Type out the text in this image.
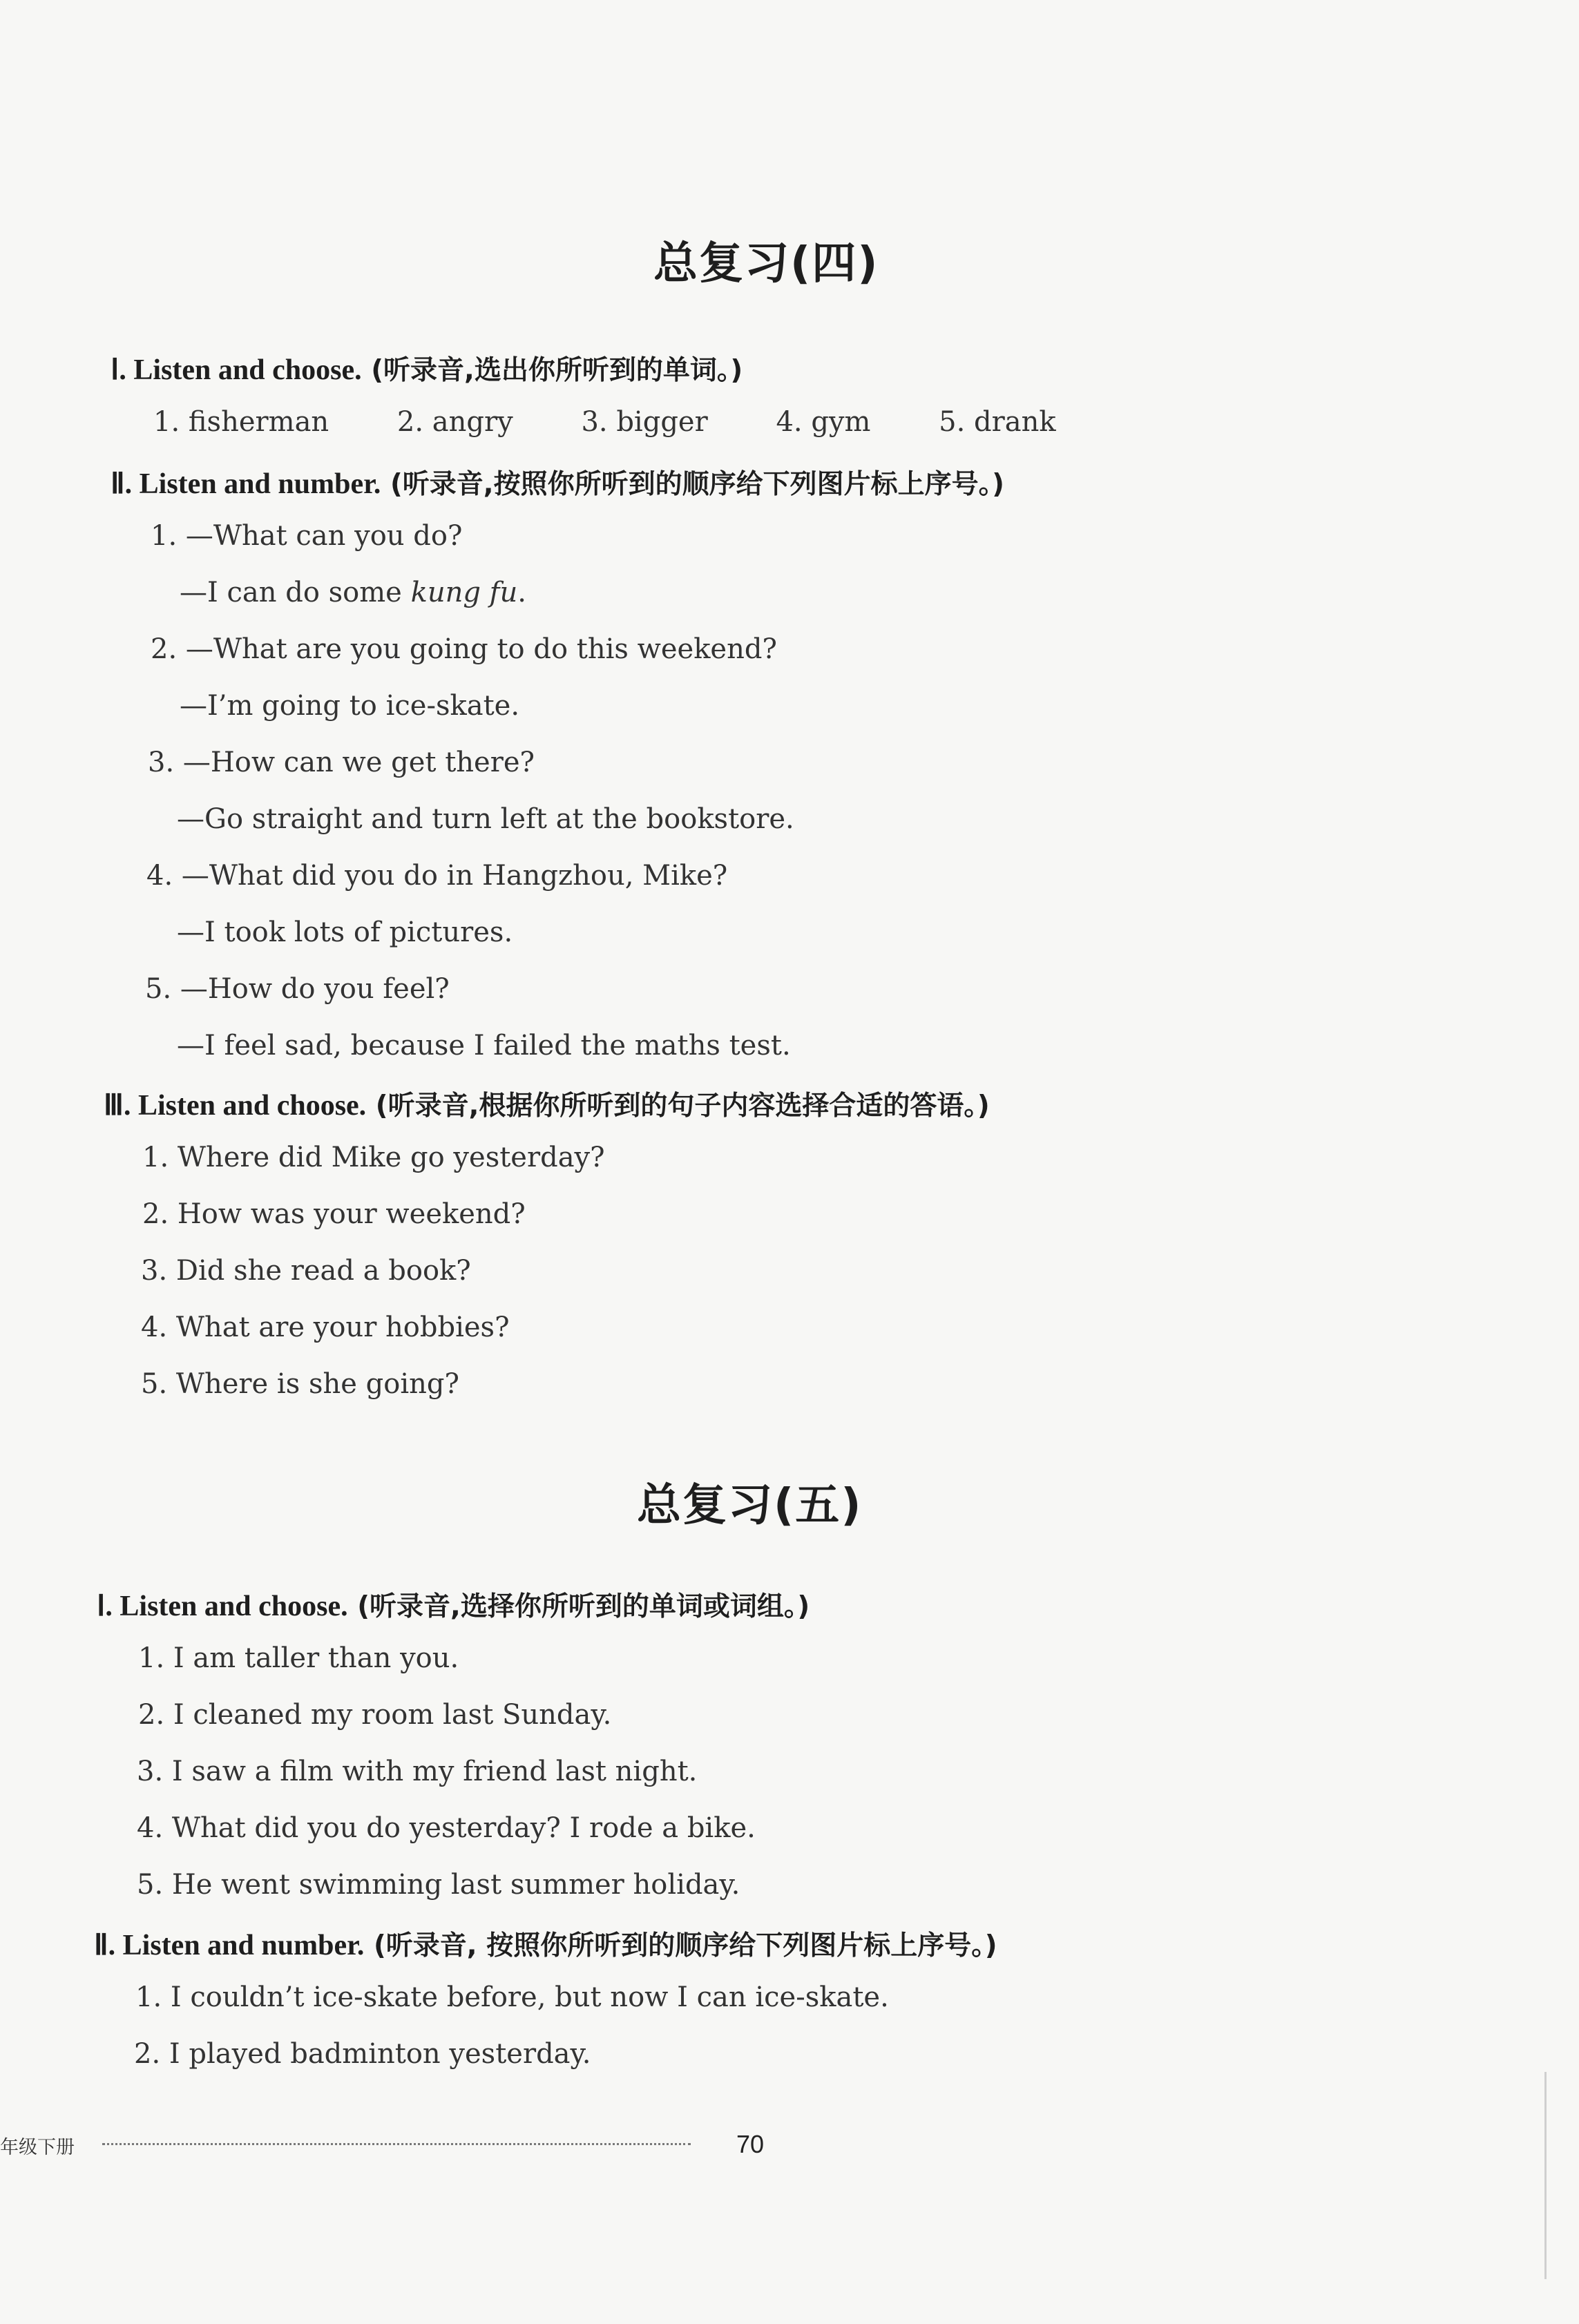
总复习(四)
Ⅰ. Listen and choose. (听录音,选出你所听到的单词。)
1. fisherman 2. angry 3. bigger 4. gym 5. drank
Ⅱ. Listen and number. (听录音,按照你所听到的顺序给下列图片标上序号。)
1. —What can you do?
—I can do some kung fu.
2. —What are you going to do this weekend?
—I’m going to ice-skate.
3. —How can we get there?
—Go straight and turn left at the bookstore.
4. —What did you do in Hangzhou, Mike?
—I took lots of pictures.
5. —How do you feel?
—I feel sad, because I failed the maths test.
Ⅲ. Listen and choose. (听录音,根据你所听到的句子内容选择合适的答语。)
1. Where did Mike go yesterday?
2. How was your weekend?
3. Did she read a book?
4. What are your hobbies?
5. Where is she going?
总复习(五)
Ⅰ. Listen and choose. (听录音,选择你所听到的单词或词组。)
1. I am taller than you.
2. I cleaned my room last Sunday.
3. I saw a film with my friend last night.
4. What did you do yesterday? I rode a bike.
5. He went swimming last summer holiday.
Ⅱ. Listen and number. (听录音, 按照你所听到的顺序给下列图片标上序号。)
1. I couldn’t ice-skate before, but now I can ice-skate.
2. I played badminton yesterday.
年级下册	70
